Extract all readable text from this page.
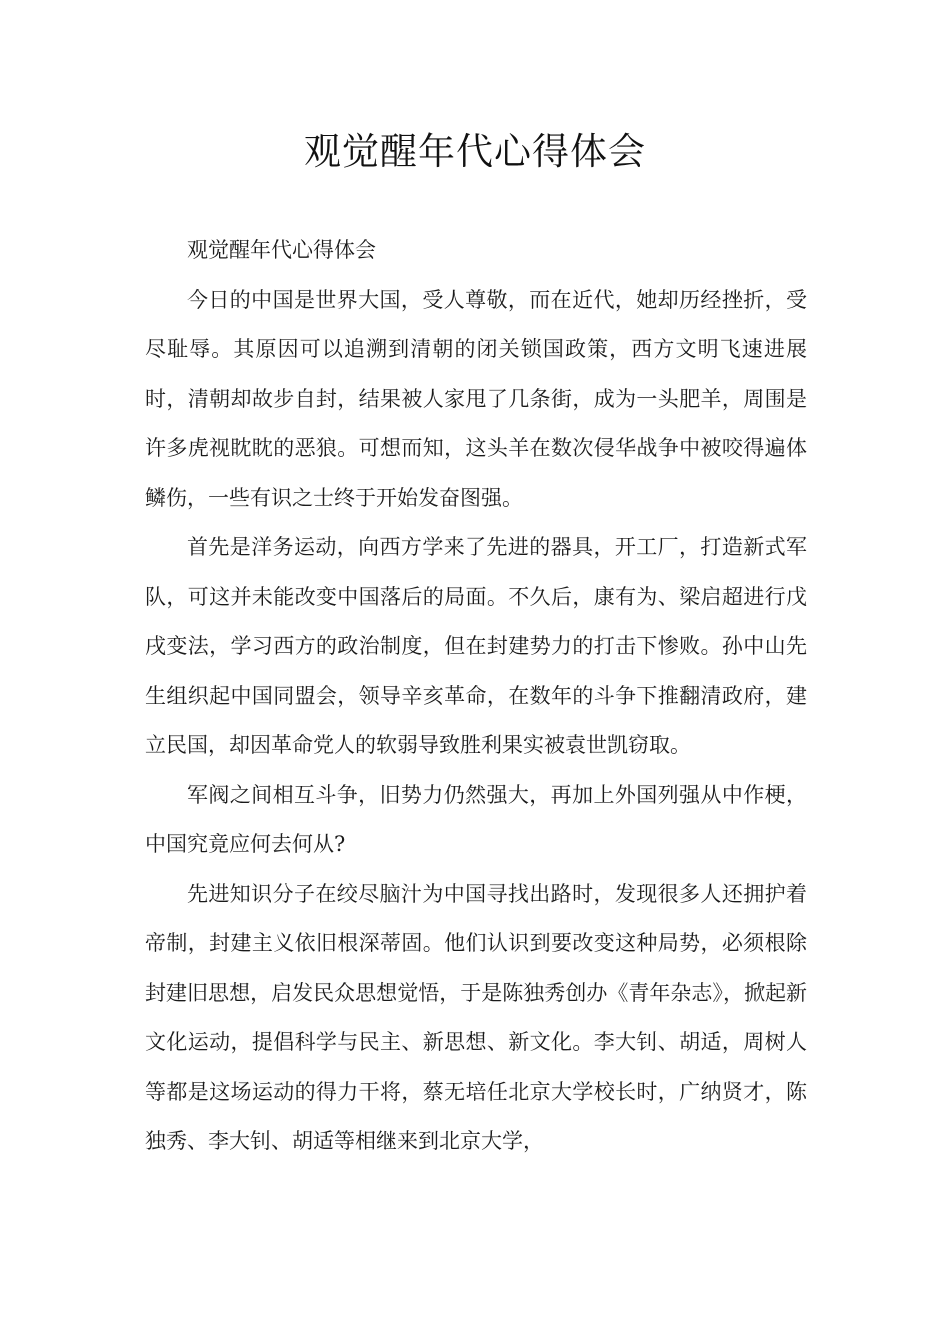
观觉醒年代心得体会

观觉醒年代心得体会

今日的中国是世界大国，受人尊敬，而在近代，她却历经挫折，受尽耻辱。其原因可以追溯到清朝的闭关锁国政策，西方文明飞速进展时，清朝却故步自封，结果被人家甩了几条街，成为一头肥羊，周围是许多虎视眈眈的恶狼。可想而知，这头羊在数次侵华战争中被咬得遍体鳞伤，一些有识之士终于开始发奋图强。

首先是洋务运动，向西方学来了先进的器具，开工厂，打造新式军队，可这并未能改变中国落后的局面。不久后，康有为、梁启超进行戊戌变法，学习西方的政治制度，但在封建势力的打击下惨败。孙中山先生组织起中国同盟会，领导辛亥革命，在数年的斗争下推翻清政府，建立民国，却因革命党人的软弱导致胜利果实被袁世凯窃取。

军阀之间相互斗争，旧势力仍然强大，再加上外国列强从中作梗，中国究竟应何去何从?

先进知识分子在绞尽脑汁为中国寻找出路时，发现很多人还拥护着帝制，封建主义依旧根深蒂固。他们认识到要改变这种局势，必须根除封建旧思想，启发民众思想觉悟，于是陈独秀创办《青年杂志》，掀起新文化运动，提倡科学与民主、新思想、新文化。李大钊、胡适，周树人等都是这场运动的得力干将，蔡无培任北京大学校长时，广纳贤才，陈独秀、李大钊、胡适等相继来到北京大学，
